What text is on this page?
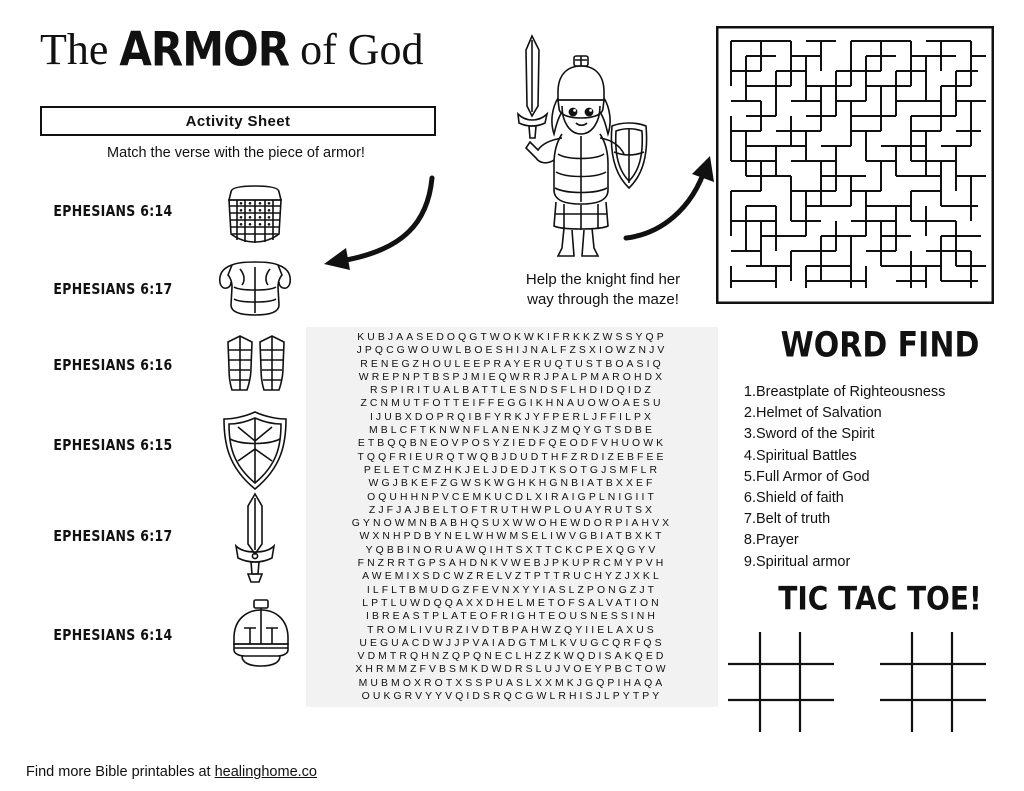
The ARMOR of God
Activity Sheet
Match the verse with the piece of armor!
EPHESIANS 6:14
EPHESIANS 6:17
EPHESIANS 6:16
EPHESIANS 6:15
EPHESIANS 6:17
EPHESIANS 6:14
Help the knight find her
way through the maze!
KUBJAASEDOQGTWOKWKIFRKKZWSSYQP
JPQCGWOUWLBOESHIJNALFZSXIOWZNJV
RENEGZHOULEEPRAYERUQTUSTBOASIQ
WREPNPTBSPJMIEQWRRJPALPMAROHDX
RSPIRITUALBATTLESNDSFLHDIDQIDZ
ZCNMUTFOTTEIFFEGGIKHNAUOWOAESU
IJUBXDOPRQIBFYRKJYFPERLJFFILPX
MBLCFTKNWNFLANENKJZMQYGTSDBE
ETBQQBNEOVPOSYZIEDFQEODFVHUOWK
TQQFRIEURQTWQBJDUDTHFZRDIZEBFEE
PELETCMZHKJELJDEDJTKSOTGJSMFLR
WGJBKEFZGWSKWGHKHGNBIATBXXEF
OQUHHNPVCEMKUCDLXIRAIGPLNIGIIT
ZJFJAJBELTOFTRUTHWPLOUAYRUTSX
GYNOWMNBABHQSUXWWOHEWDORPIAHVX
WXNHPDBYNELWHWMSELIWVGBIATBXKT
YQBBINORUAWQIHTSXTTCKCPEXQGYV
FNZRRTGPSAHDNKVWEBJPKUPRCMYPVH
AWEMIXSDCWZRELVZTPTTRUCHYZJXKL
ILFLTBMUDGZFEVNXYYIASLZPONGZJT
LPTLUWDQQAXXDHELMETOFSALVATION
IBREASTPLATEOFRIGHTEOUSNESSINH
TROMLIVURZIVDTBPAHWZQYIIELAXUS
UEGUACDWJJPVAIADGTMLKVUGCQRFQS
VDMTRQHNZQPQNECLHZZKWQDISAKQED
XHRMMZFVBSMKDWDRSLUJVOEYPBCTOW
MUBMOXROTXSSPUASLXXMKJGQPIHAQA
OUKGRVYYVQIDSRQCGWLRHISJLPYTPY
WORD FIND
1.Breastplate of Righteousness
2.Helmet of Salvation
3.Sword of the Spirit
4.Spiritual Battles
5.Full Armor of God
6.Shield of faith
7.Belt of truth
8.Prayer
9.Spiritual armor
TIC TAC TOE!
Find more Bible printables at healinghome.co
